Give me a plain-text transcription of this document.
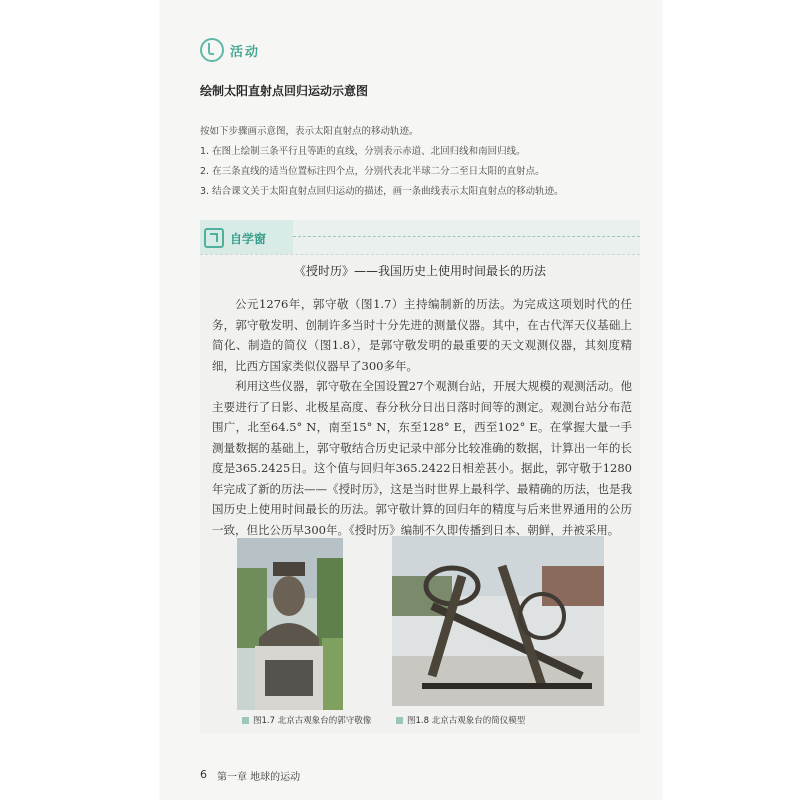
活动
绘制太阳直射点回归运动示意图
按如下步骤画示意图，表示太阳直射点的移动轨迹。
1. 在图上绘制三条平行且等距的直线，分别表示赤道、北回归线和南回归线。
2. 在三条直线的适当位置标注四个点，分别代表北半球二分二至日太阳的直射点。
3. 结合课文关于太阳直射点回归运动的描述，画一条曲线表示太阳直射点的移动轨迹。
自学窗
《授时历》——我国历史上使用时间最长的历法

公元1276年，郭守敬（图1.7）主持编制新的历法。为完成这项划时代的任务，郭守敬发明、创制许多当时十分先进的测量仪器。其中，在古代浑天仪基础上简化、制造的简仪（图1.8），是郭守敬发明的最重要的天文观测仪器，其刻度精细，比西方国家类似仪器早了300多年。

利用这些仪器，郭守敬在全国设置27个观测台站，开展大规模的观测活动。他主要进行了日影、北极星高度、春分秋分日出日落时间等的测定。观测台站分布范围广，北至64.5° N，南至15° N，东至128° E，西至102° E。在掌握大量一手测量数据的基础上，郭守敬结合历史记录中部分比较准确的数据，计算出一年的长度是365.2425日。这个值与回归年365.2422日相差甚小。据此，郭守敬于1280年完成了新的历法——《授时历》，这是当时世界上最科学、最精确的历法，也是我国历史上使用时间最长的历法。郭守敬计算的回归年的精度与后来世界通用的公历一致，但比公历早300年。《授时历》编制不久即传播到日本、朝鲜，并被采用。

图1.7 北京古观象台的郭守敬像	图1.8 北京古观象台的简仪模型
6 第一章 地球的运动
